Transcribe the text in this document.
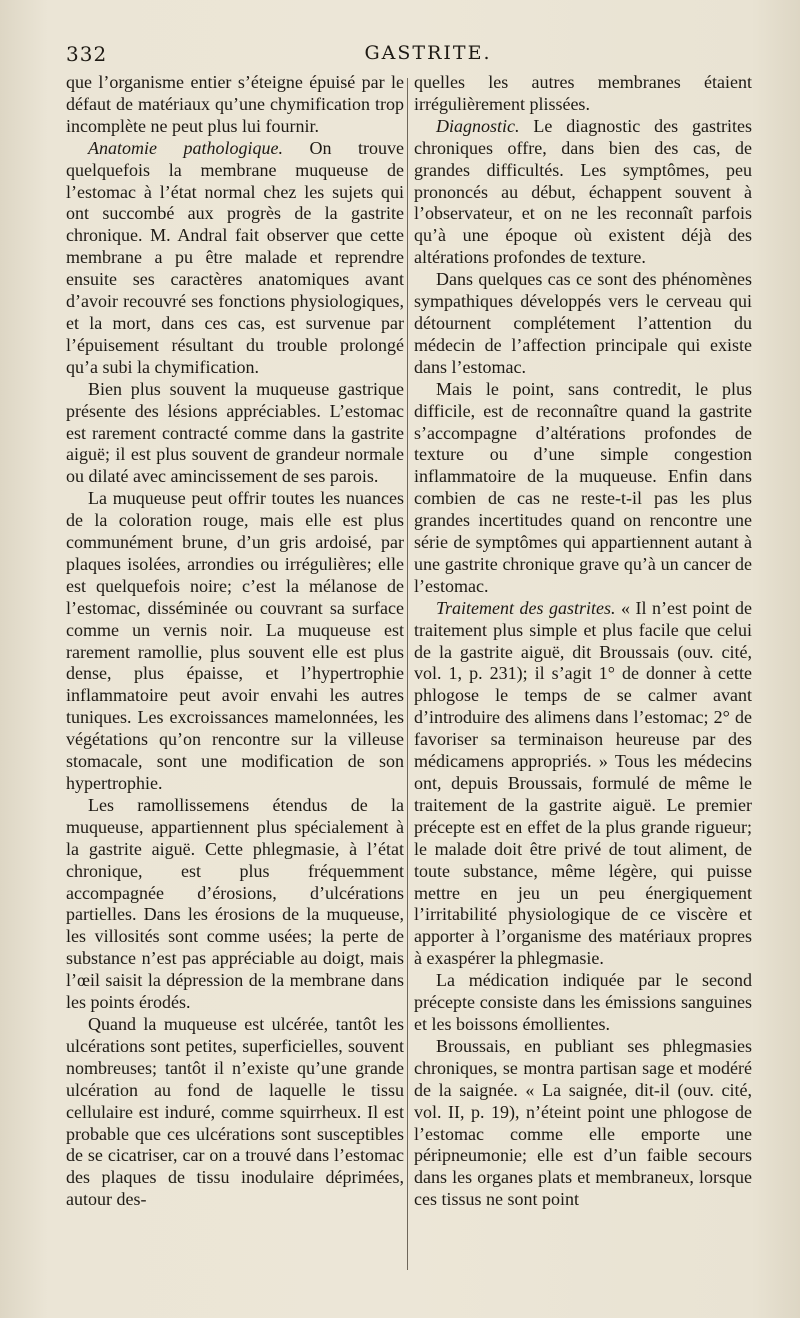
332	GASTRITE.

que l’organisme entier s’éteigne épuisé par le défaut de matériaux qu’une chymification trop incomplète ne peut plus lui fournir.

Anatomie pathologique. On trouve quelquefois la membrane muqueuse de l’estomac à l’état normal chez les sujets qui ont succombé aux progrès de la gastrite chronique. M. Andral fait observer que cette membrane a pu être malade et reprendre ensuite ses caractères anatomiques avant d’avoir recouvré ses fonctions physiologiques, et la mort, dans ces cas, est survenue par l’épuisement résultant du trouble prolongé qu’a subi la chymification.

Bien plus souvent la muqueuse gastrique présente des lésions appréciables. L’estomac est rarement contracté comme dans la gastrite aiguë; il est plus souvent de grandeur normale ou dilaté avec amincissement de ses parois.

La muqueuse peut offrir toutes les nuances de la coloration rouge, mais elle est plus communément brune, d’un gris ardoisé, par plaques isolées, arrondies ou irrégulières; elle est quelquefois noire; c’est la mélanose de l’estomac, disséminée ou couvrant sa surface comme un vernis noir. La muqueuse est rarement ramollie, plus souvent elle est plus dense, plus épaisse, et l’hypertrophie inflammatoire peut avoir envahi les autres tuniques. Les excroissances mamelonnées, les végétations qu’on rencontre sur la villeuse stomacale, sont une modification de son hypertrophie.

Les ramollissemens étendus de la muqueuse, appartiennent plus spécialement à la gastrite aiguë. Cette phlegmasie, à l’état chronique, est plus fréquemment accompagnée d’érosions, d’ulcérations partielles. Dans les érosions de la muqueuse, les villosités sont comme usées; la perte de substance n’est pas appréciable au doigt, mais l’œil saisit la dépression de la membrane dans les points érodés.

Quand la muqueuse est ulcérée, tantôt les ulcérations sont petites, superficielles, souvent nombreuses; tantôt il n’existe qu’une grande ulcération au fond de laquelle le tissu cellulaire est induré, comme squirrheux. Il est probable que ces ulcérations sont susceptibles de se cicatriser, car on a trouvé dans l’estomac des plaques de tissu inodulaire déprimées, autour des-

quelles les autres membranes étaient irrégulièrement plissées.

Diagnostic. Le diagnostic des gastrites chroniques offre, dans bien des cas, de grandes difficultés. Les symptômes, peu prononcés au début, échappent souvent à l’observateur, et on ne les reconnaît parfois qu’à une époque où existent déjà des altérations profondes de texture.

Dans quelques cas ce sont des phénomènes sympathiques développés vers le cerveau qui détournent complétement l’attention du médecin de l’affection principale qui existe dans l’estomac.

Mais le point, sans contredit, le plus difficile, est de reconnaître quand la gastrite s’accompagne d’altérations profondes de texture ou d’une simple congestion inflammatoire de la muqueuse. Enfin dans combien de cas ne reste-t-il pas les plus grandes incertitudes quand on rencontre une série de symptômes qui appartiennent autant à une gastrite chronique grave qu’à un cancer de l’estomac.

Traitement des gastrites. « Il n’est point de traitement plus simple et plus facile que celui de la gastrite aiguë, dit Broussais (ouv. cité, vol. 1, p. 231); il s’agit 1° de donner à cette phlogose le temps de se calmer avant d’introduire des alimens dans l’estomac; 2° de favoriser sa terminaison heureuse par des médicamens appropriés. » Tous les médecins ont, depuis Broussais, formulé de même le traitement de la gastrite aiguë. Le premier précepte est en effet de la plus grande rigueur; le malade doit être privé de tout aliment, de toute substance, même légère, qui puisse mettre en jeu un peu énergiquement l’irritabilité physiologique de ce viscère et apporter à l’organisme des matériaux propres à exaspérer la phlegmasie.

La médication indiquée par le second précepte consiste dans les émissions sanguines et les boissons émollientes.

Broussais, en publiant ses phlegmasies chroniques, se montra partisan sage et modéré de la saignée. « La saignée, dit-il (ouv. cité, vol. II, p. 19), n’éteint point une phlogose de l’estomac comme elle emporte une péripneumonie; elle est d’un faible secours dans les organes plats et membraneux, lorsque ces tissus ne sont point
